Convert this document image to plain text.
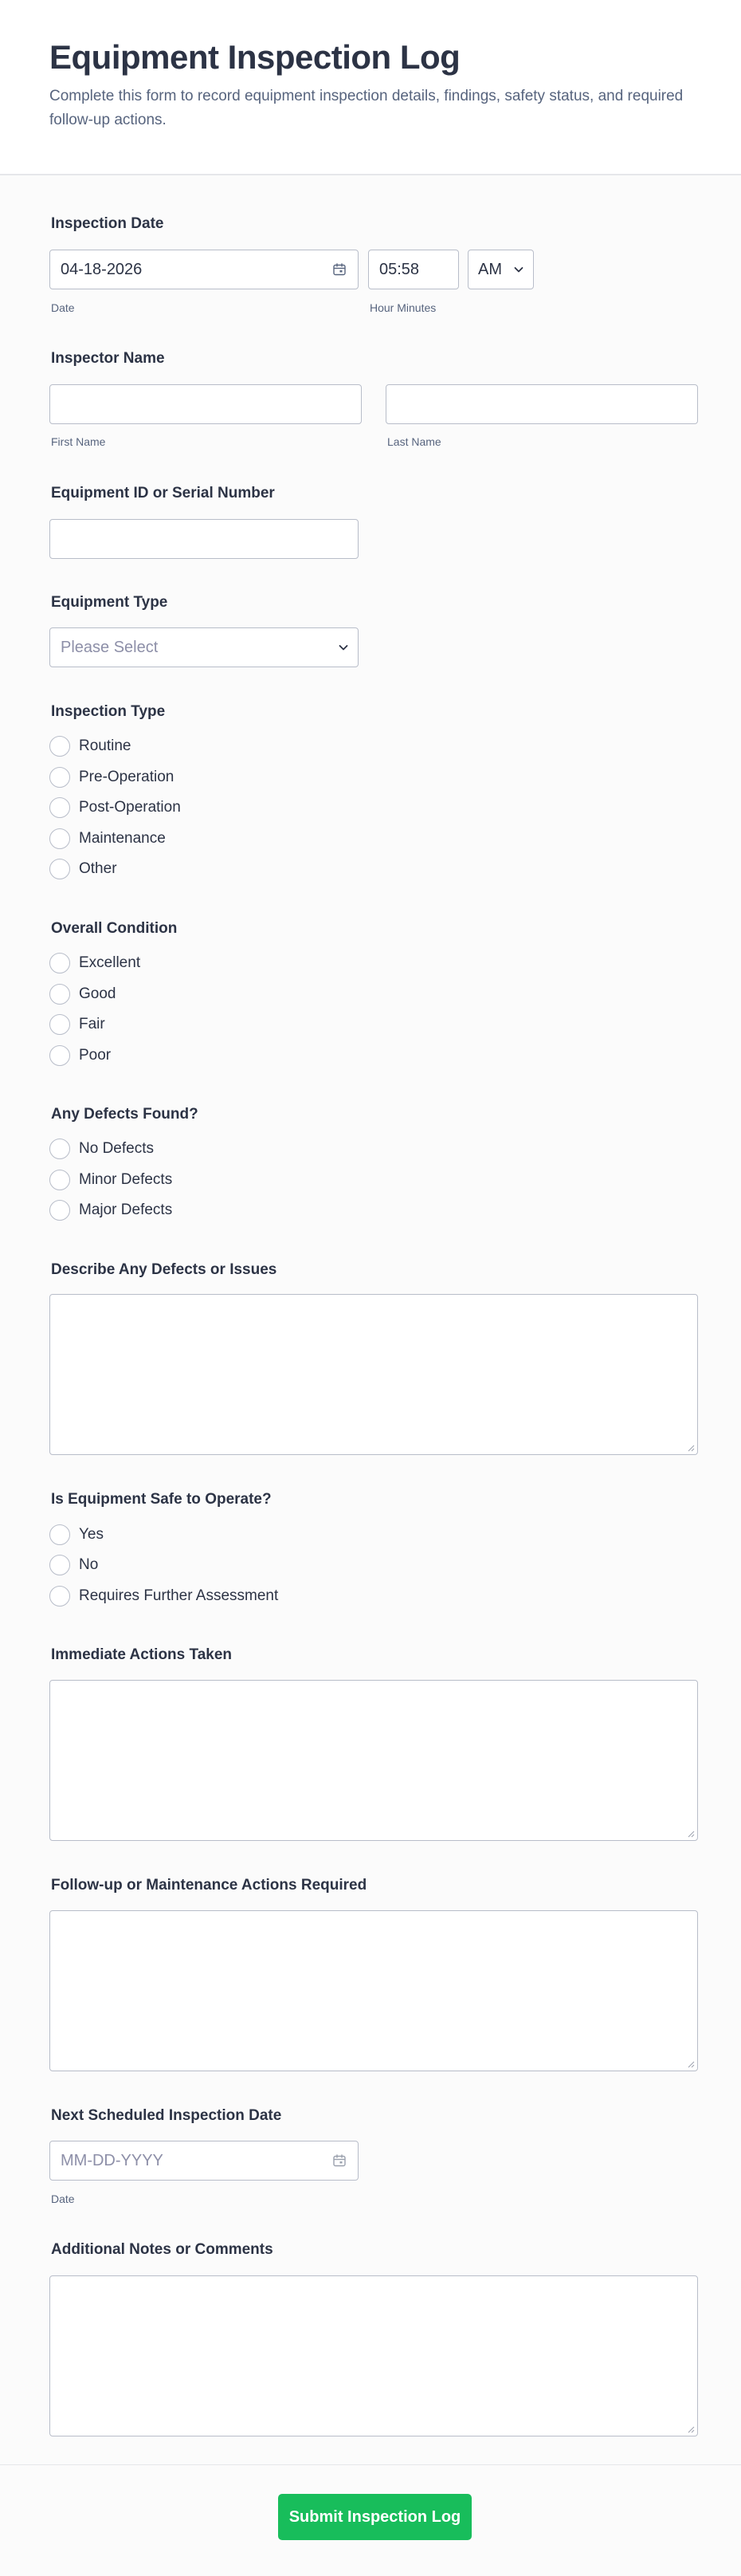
Equipment Inspection Log
Complete this form to record equipment inspection details, findings, safety status, and required follow-up actions.
Inspection Date
04-18-2026	05:58	AM
Date	Hour Minutes
Inspector Name
First Name	Last Name
Equipment ID or Serial Number
Equipment Type
Please Select
Inspection Type
Routine
Pre-Operation
Post-Operation
Maintenance
Other
Overall Condition
Excellent
Good
Fair
Poor
Any Defects Found?
No Defects
Minor Defects
Major Defects
Describe Any Defects or Issues
Is Equipment Safe to Operate?
Yes
No
Requires Further Assessment
Immediate Actions Taken
Follow-up or Maintenance Actions Required
Next Scheduled Inspection Date
MM-DD-YYYY
Date
Additional Notes or Comments
Submit Inspection Log
